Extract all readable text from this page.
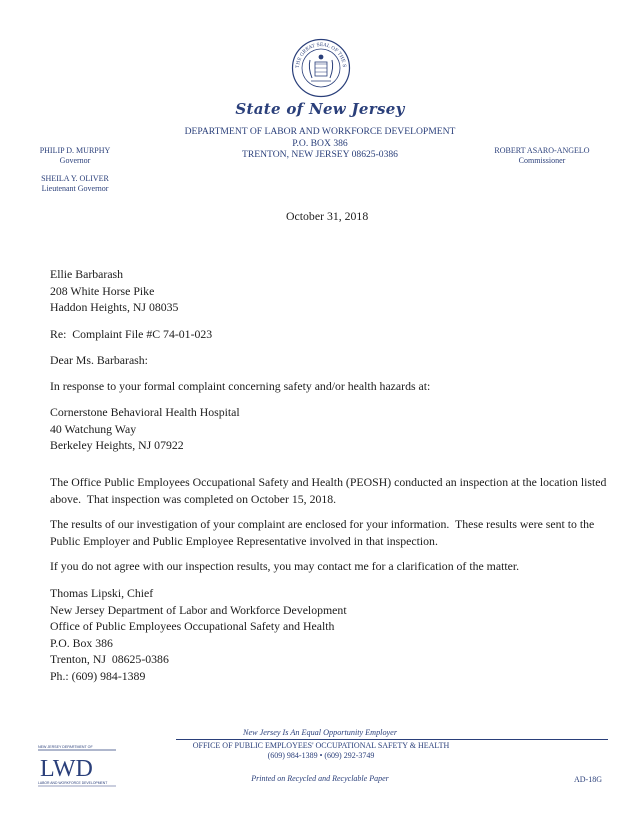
THE GREAT SEAL OF THE S
State of New Jersey
DEPARTMENT OF LABOR AND WORKFORCE DEVELOPMENT
P.O. BOX 386
TRENTON, NEW JERSEY 08625-0386
PHILIP D. MURPHY
Governor
SHEILA Y. OLIVER
Lieutenant Governor
ROBERT ASARO-ANGELO
Commissioner
October 31, 2018
Ellie Barbarash
208 White Horse Pike
Haddon Heights, NJ 08035
Re:  Complaint File #C 74-01-023
Dear Ms. Barbarash:
In response to your formal complaint concerning safety and/or health hazards at:
Cornerstone Behavioral Health Hospital
40 Watchung Way
Berkeley Heights, NJ 07922
The Office Public Employees Occupational Safety and Health (PEOSH) conducted an inspection at the location listed above.  That inspection was completed on October 15, 2018.
The results of our investigation of your complaint are enclosed for your information.  These results were sent to the Public Employer and Public Employee Representative involved in that inspection.
If you do not agree with our inspection results, you may contact me for a clarification of the matter.
Thomas Lipski, Chief
New Jersey Department of Labor and Workforce Development
Office of Public Employees Occupational Safety and Health
P.O. Box 386
Trenton, NJ  08625-0386
Ph.: (609) 984-1389
New Jersey Is An Equal Opportunity Employer
NEW JERSEY DEPARTMENT OF
LWD
LABOR AND WORKFORCE DEVELOPMENT
OFFICE OF PUBLIC EMPLOYEES' OCCUPATIONAL SAFETY & HEALTH
(609) 984-1389 • (609) 292-3749
Printed on Recycled and Recyclable Paper	AD-18G
